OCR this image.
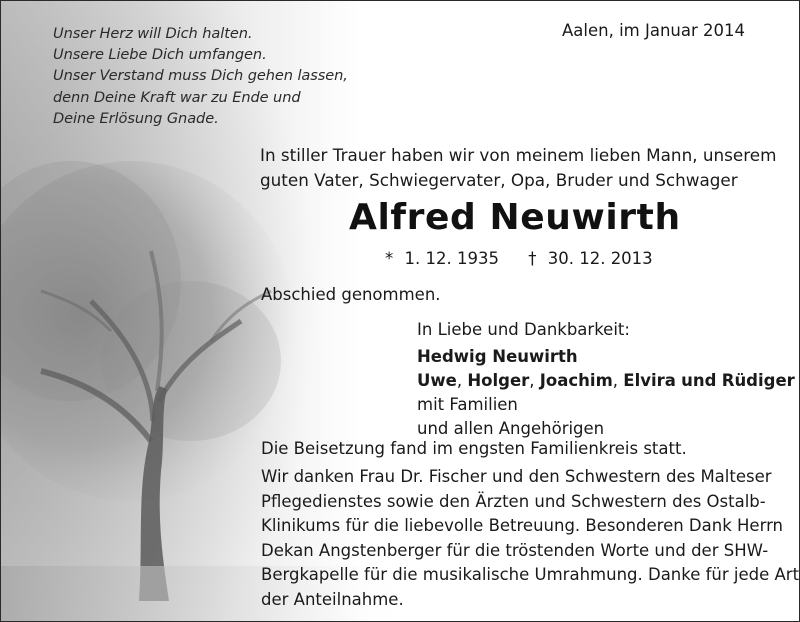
Unser Herz will Dich halten.
Unsere Liebe Dich umfangen.
Unser Verstand muss Dich gehen lassen,
denn Deine Kraft war zu Ende und
Deine Erlösung Gnade.
Aalen, im Januar 2014
In stiller Trauer haben wir von meinem lieben Mann, unserem
guten Vater, Schwiegervater, Opa, Bruder und Schwager
Alfred Neuwirth
* 1. 12. 1935 † 30. 12. 2013
Abschied genommen.
In Liebe und Dankbarkeit:
Hedwig Neuwirth
Uwe, Holger, Joachim, Elvira und Rüdiger
mit Familien
und allen Angehörigen
Die Beisetzung fand im engsten Familienkreis statt.
Wir danken Frau Dr. Fischer und den Schwestern des Malteser
Pflegedienstes sowie den Ärzten und Schwestern des Ostalb-
Klinikums für die liebevolle Betreuung. Besonderen Dank Herrn
Dekan Angstenberger für die tröstenden Worte und der SHW-
Bergkapelle für die musikalische Umrahmung. Danke für jede Art
der Anteilnahme.
